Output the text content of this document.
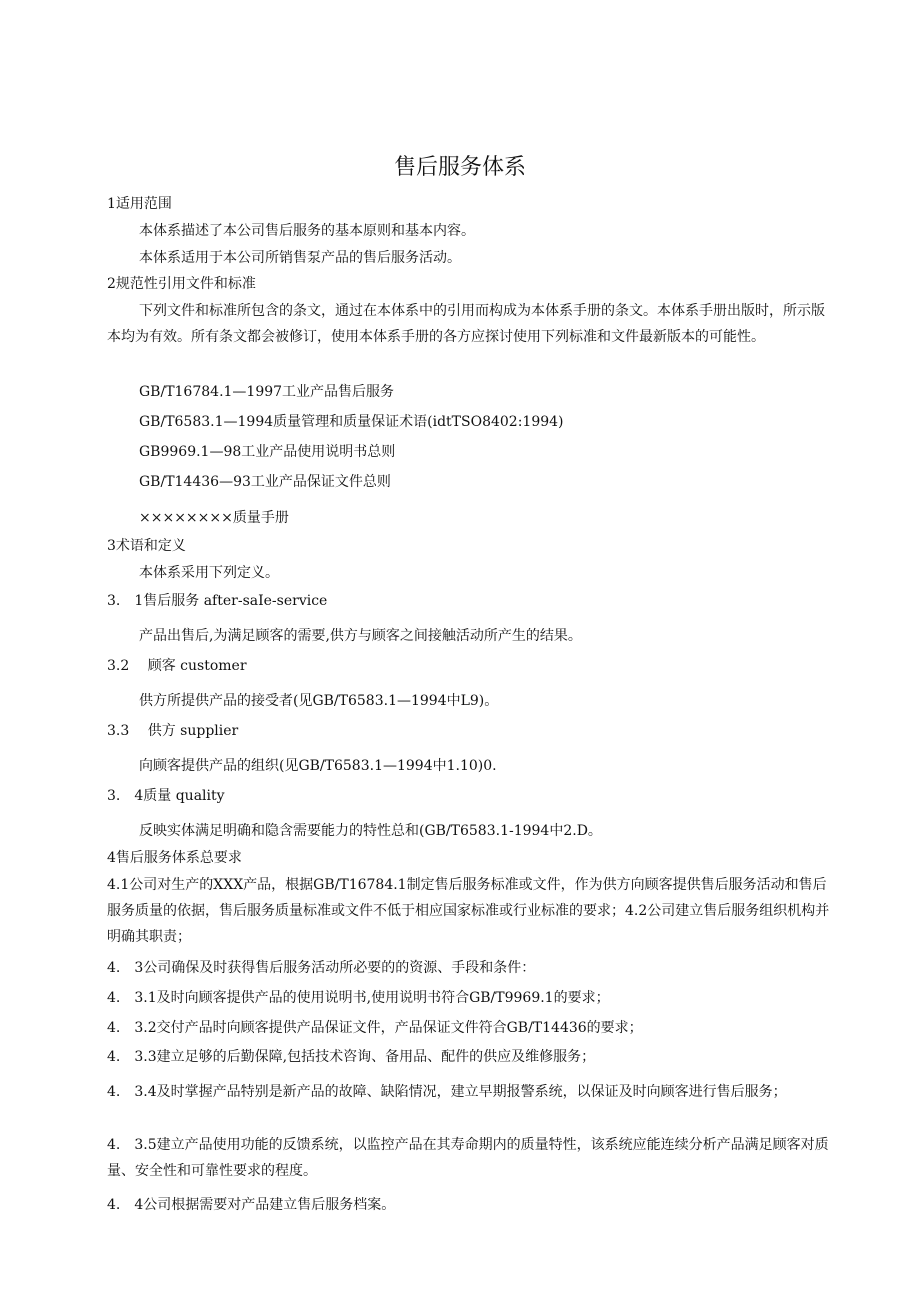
售后服务体系
1适用范围
本体系描述了本公司售后服务的基本原则和基本内容。
本体系适用于本公司所销售泵产品的售后服务活动。
2规范性引用文件和标准
下列文件和标准所包含的条文，通过在本体系中的引用而构成为本体系手册的条文。本体系手册出版时，所示版本均为有效。所有条文都会被修订，使用本体系手册的各方应探讨使用下列标准和文件最新版本的可能性。
GB/T16784.1—1997工业产品售后服务
GB/T6583.1—1994质量管理和质量保证术语(idtTSO8402:1994)
GB9969.1—98工业产品使用说明书总则
GB/T14436—93工业产品保证文件总则
××××××××质量手册
3术语和定义
本体系采用下列定义。
3.　1售后服务 after-saIe-service
产品出售后,为满足顾客的需要,供方与顾客之间接触活动所产生的结果。
3.2　 顾客 customer
供方所提供产品的接受者(见GB/T6583.1—1994中L9)。
3.3　 供方 supplier
向顾客提供产品的组织(见GB/T6583.1—1994中1.10)0.
3.　4质量 quality
反映实体满足明确和隐含需要能力的特性总和(GB/T6583.1-1994中2.D。
4售后服务体系总要求
4.1公司对生产的XXX产品，根据GB/T16784.1制定售后服务标准或文件，作为供方向顾客提供售后服务活动和售后服务质量的依据，售后服务质量标准或文件不低于相应国家标准或行业标准的要求；4.2公司建立售后服务组织机构并明确其职责；
4.　3公司确保及时获得售后服务活动所必要的的资源、手段和条件：
4.　3.1及时向顾客提供产品的使用说明书,使用说明书符合GB/T9969.1的要求；
4.　3.2交付产品时向顾客提供产品保证文件，产品保证文件符合GB/T14436的要求；
4.　3.3建立足够的后勤保障,包括技术咨询、备用品、配件的供应及维修服务；
4.　3.4及时掌握产品特别是新产品的故障、缺陷情况，建立早期报警系统，以保证及时向顾客进行售后服务；
4.　3.5建立产品使用功能的反馈系统，以监控产品在其寿命期内的质量特性，该系统应能连续分析产品满足顾客对质量、安全性和可靠性要求的程度。
4.　4公司根据需要对产品建立售后服务档案。
